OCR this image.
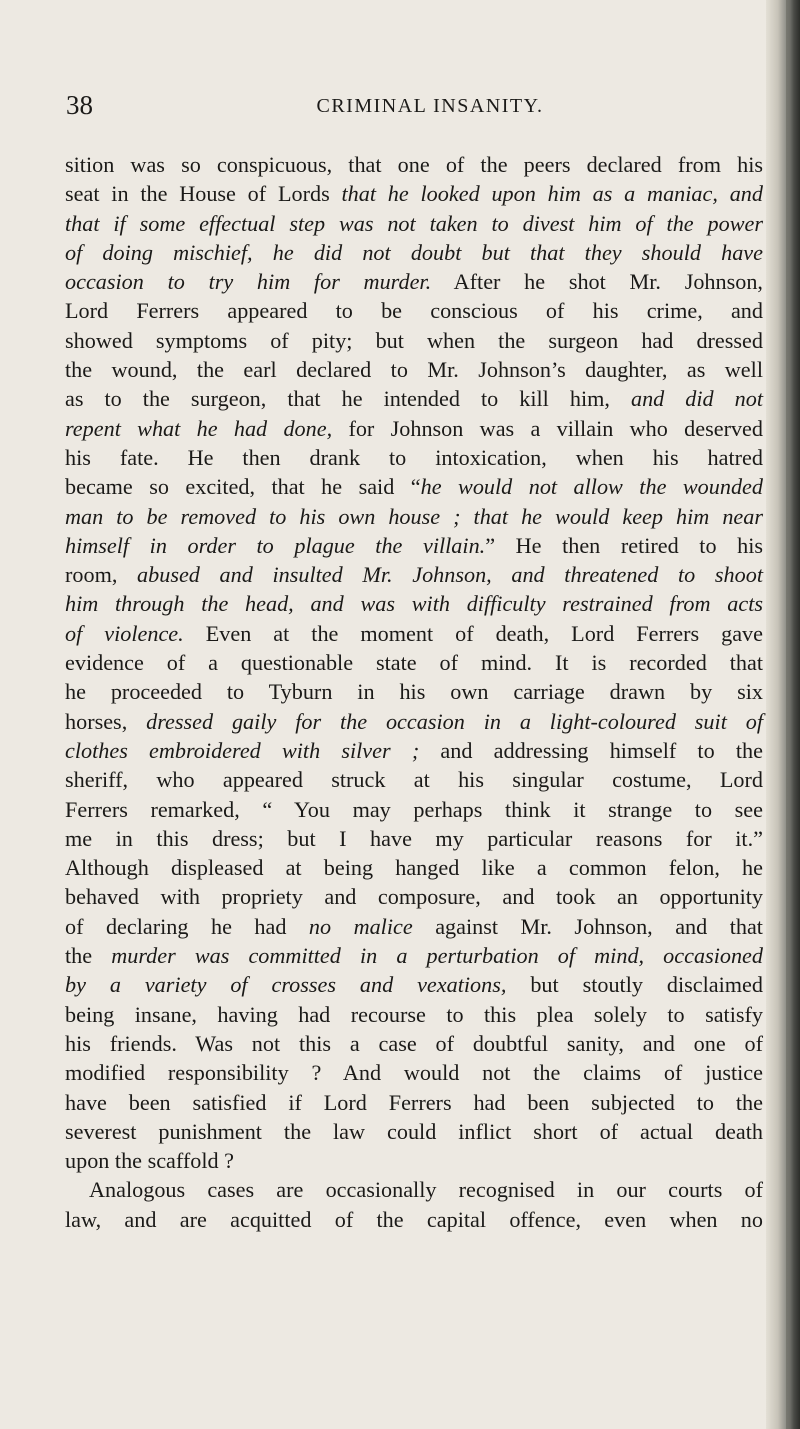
38	CRIMINAL INSANITY.
sition was so conspicuous, that one of the peers declared from his
seat in the House of Lords that he looked upon him as a maniac, and
that if some effectual step was not taken to divest him of the power
of doing mischief, he did not doubt but that they should have
occasion to try him for murder. After he shot Mr. Johnson,
Lord Ferrers appeared to be conscious of his crime, and
showed symptoms of pity; but when the surgeon had dressed
the wound, the earl declared to Mr. Johnson’s daughter, as well
as to the surgeon, that he intended to kill him, and did not
repent what he had done, for Johnson was a villain who deserved
his fate. He then drank to intoxication, when his hatred
became so excited, that he said “he would not allow the wounded
man to be removed to his own house ; that he would keep him near
himself in order to plague the villain.” He then retired to his
room, abused and insulted Mr. Johnson, and threatened to shoot
him through the head, and was with difficulty restrained from acts
of violence. Even at the moment of death, Lord Ferrers gave
evidence of a questionable state of mind. It is recorded that
he proceeded to Tyburn in his own carriage drawn by six
horses, dressed gaily for the occasion in a light-coloured suit of
clothes embroidered with silver ; and addressing himself to the
sheriff, who appeared struck at his singular costume, Lord
Ferrers remarked, “ You may perhaps think it strange to see
me in this dress; but I have my particular reasons for it.”
Although displeased at being hanged like a common felon, he
behaved with propriety and composure, and took an opportunity
of declaring he had no malice against Mr. Johnson, and that
the murder was committed in a perturbation of mind, occasioned
by a variety of crosses and vexations, but stoutly disclaimed
being insane, having had recourse to this plea solely to satisfy
his friends. Was not this a case of doubtful sanity, and one of
modified responsibility ? And would not the claims of justice
have been satisfied if Lord Ferrers had been subjected to the
severest punishment the law could inflict short of actual death
upon the scaffold ?
Analogous cases are occasionally recognised in our courts of
law, and are acquitted of the capital offence, even when no
